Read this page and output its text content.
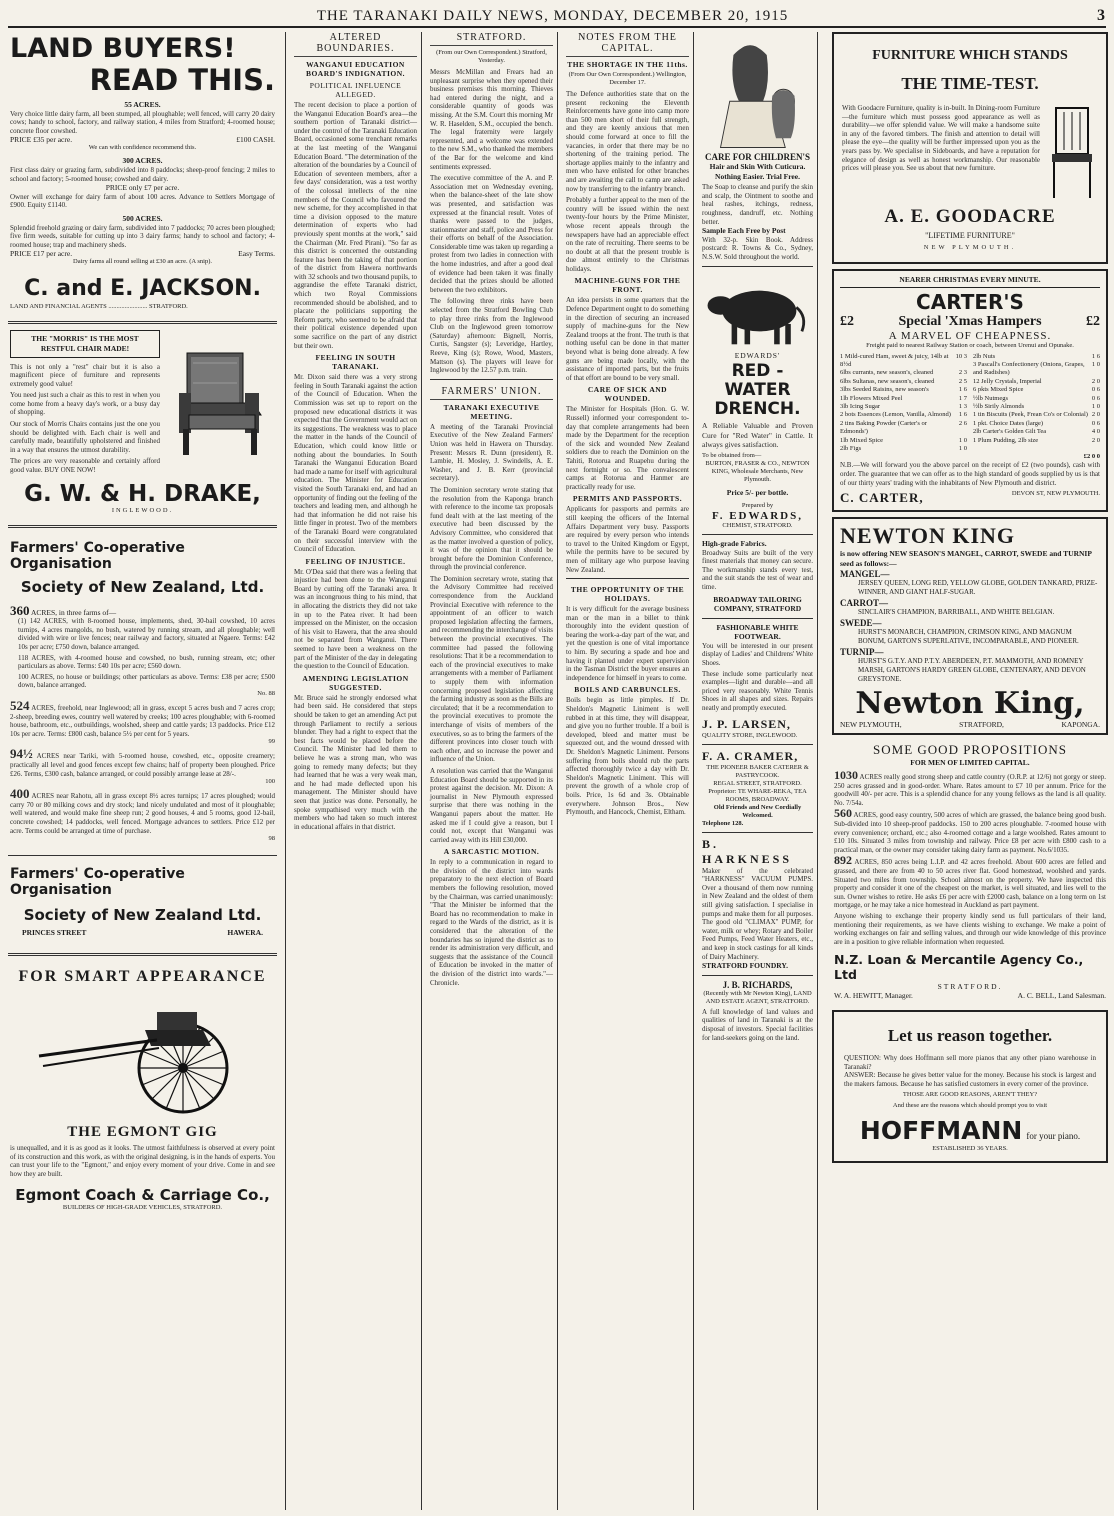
THE TARANAKI DAILY NEWS, MONDAY, DECEMBER 20, 1915	3
LAND BUYERS!
READ THIS.
55 ACRES.
Very choice little dairy farm, all been stumped, all ploughable; well fenced, will carry 20 dairy cows; handy to school, factory, and railway station, 4 miles from Stratford; 4-roomed house; concrete floor cowshed.
PRICE £35 per acre.	£100 CASH.
We can with confidence recommend this.
300 ACRES.
First class dairy or grazing farm, subdivided into 8 paddocks; sheep-proof fencing; 2 miles to school and factory; 5-roomed house; cowshed and dairy.
PRICE only £7 per acre.
Owner will exchange for dairy farm of about 100 acres. Advance to Settlers Mortgage of £900. Equity £1140.
500 ACRES.
Splendid freehold grazing or dairy farm, subdivided into 7 paddocks; 70 acres been ploughed; five firm weeds, suitable for cutting up into 3 dairy farms; handy to school and factory; 4-roomed house; trap and machinery sheds.
PRICE £17 per acre.	Easy Terms.
Dairy farms all round selling at £30 an acre. (A snip).
C. and E. JACKSON.
LAND AND FINANCIAL AGENTS ........................ STRATFORD.
THE "MORRIS" IS THE MOST
RESTFUL CHAIR MADE!
This is not only a "rest" chair but it is also a magnificent piece of furniture and represents extremely good value!
You need just such a chair as this to rest in when you come home from a heavy day's work, or a busy day of shopping.
Our stock of Morris Chairs contains just the one you should be delighted with. Each chair is well and carefully made, beautifully upholstered and finished in a way that ensures the utmost durability.
The prices are very reasonable and certainly afford good value. BUY ONE NOW!
G. W. & H. DRAKE,
INGLEWOOD.
Farmers' Co-operative Organisation
Society of New Zealand, Ltd.
360 ACRES, in three farms of—
(1) 142 ACRES, with 8-roomed house, implements, shed, 30-bail cowshed, 10 acres turnips, 4 acres mangolds, no bush, watered by running stream, and all ploughable; well divided with wire or live fences; near railway and factory, situated at Ngaere. Terms: £42 10s per acre; £750 down, balance arranged.
118 ACRES, with 4-roomed house and cowshed, no bush, running stream, etc; other particulars as above. Terms: £40 10s per acre; £560 down.
100 ACRES, no house or buildings; other particulars as above. Terms: £38 per acre; £500 down, balance arranged.
No. 88
524 ACRES, freehold, near Inglewood; all in grass, except 5 acres bush and 7 acres crop; 2-sheep, breeding ewes, country well watered by creeks; 100 acres ploughable; with 6-roomed house, bathroom, etc., outbuildings, woolshed, sheep and cattle yards; 13 paddocks. Price £12 10s per acre. Terms: £800 cash, balance 5½ per cent for 5 years.
99
94½ ACRES near Tariki, with 5-roomed house, cowshed, etc., opposite creamery; practically all level and good fences except few chains; half of property been ploughed. Price £26. Terms, £300 cash, balance arranged, or could possibly arrange lease at 28/-.
100
400 ACRES near Rahotu, all in grass except 8½ acres turnips; 17 acres ploughed; would carry 70 or 80 milking cows and dry stock; land nicely undulated and most of it ploughable; well watered, and would make fine sheep run; 2 good houses, 4 and 5 rooms, good 12-bail, concrete cowshed; 14 paddocks, well fenced. Mortgage advances to settlers. Price £12 per acre. Terms could be arranged at time of purchase.
98
Farmers' Co-operative Organisation
Society of New Zealand Ltd.
PRINCES STREET	HAWERA.
FOR SMART APPEARANCE
THE EGMONT GIG
is unequalled, and it is as good as it looks. The utmost faithfulness is observed at every point of its construction and this work, as with the original designing, is in the hands of experts. You can trust your life to the "Egmont," and enjoy every moment of your drive. Come in and see how they are built.
Egmont Coach & Carriage Co.,
BUILDERS OF HIGH-GRADE VEHICLES, STRATFORD.
ALTERED BOUNDARIES.
WANGANUI EDUCATION BOARD'S INDIGNATION.
POLITICAL INFLUENCE ALLEGED.
The recent decision to place a portion of the Wanganui Education Board's area—the southern portion of Taranaki district—under the control of the Taranaki Education Board, occasioned some trenchant remarks at the last meeting of the Wanganui Education Board. "The determination of the alteration of the boundaries by a Council of Education of seventeen members, after a few days' consideration, was a test worthy of the colossal intellects of the nine members of the Council who favoured the new scheme, for they accomplished in that time a division opposed to the mature determination of experts who had previously spent months at the work," said the Chairman (Mr. Fred Pirani). "So far as this district is concerned the outstanding feature has been the taking of that portion of the district from Hawera northwards with 32 schools and two thousand pupils, to aggrandise the effete Taranaki district, which two Royal Commissions recommended should be abolished, and to placate the politicians supporting the Reform party, who seemed to be afraid that their political existence depended upon some sacrifice on the part of any district but their own.
FEELING IN SOUTH TARANAKI.
Mr. Dixon said there was a very strong feeling in South Taranaki against the action of the Council of Education. When the Commission was set up to report on the proposed new educational districts it was expected that the Government would act on its suggestions. The weakness was to place the matter in the hands of the Council of Education, which could know little or nothing about the boundaries. In South Taranaki the Wanganui Education Board had made a name for itself with agricultural education. The Minister for Education visited the South Taranaki end, and had an opportunity of finding out the feeling of the teachers and leading men, and although he had that information he did not raise his little finger in protest. Two of the members of the Taranaki Board were congratulated on their successful interview with the Council of Education.
FEELING OF INJUSTICE.
Mr. O'Dea said that there was a feeling that injustice had been done to the Wanganui Board by cutting off the Taranaki area. It was an incongruous thing to his mind, that in allocating the districts they did not take in up to the Patea river. It had been impressed on the Minister, on the occasion of his visit to Hawera, that the area should not be separated from Wanganui. There seemed to have been a weakness on the part of the Minister of the day in delegating the question to the Council of Education.
AMENDING LEGISLATION SUGGESTED.
Mr. Bruce said he strongly endorsed what had been said. He considered that steps should be taken to get an amending Act put through Parliament to rectify a serious blunder. They had a right to expect that the best facts would be placed before the Council. The Minister had led them to believe he was a strong man, who was going to remedy many defects; but they had learned that he was a very weak man, and he had made deflected upon his management. The Minister should have seen that justice was done. Personally, he spoke sympathised very much with the members who had taken so much interest in educational affairs in that district.
STRATFORD.
(From our Own Correspondent.) Stratford, Yesterday.
Messrs McMillan and Frears had an unpleasant surprise when they opened their business premises this morning. Thieves had entered during the night, and a considerable quantity of goods was missing. At the S.M. Court this morning Mr W. R. Haselden, S.M., occupied the bench. The legal fraternity were largely represented, and a welcome was extended to the new S.M., who thanked the members of the Bar for the welcome and kind sentiments expressed.
The executive committee of the A. and P. Association met on Wednesday evening, when the balance-sheet of the late show was presented, and satisfaction was expressed at the financial result. Votes of thanks were passed to the judges, stationmaster and staff, police and Press for their efforts on behalf of the Association. Considerable time was taken up regarding a protest from two ladies in connection with the home industries, and after a good deal of evidence had been taken it was finally decided that the prizes should be allotted between the two exhibitors.
The following three rinks have been selected from the Stratford Bowling Club to play three rinks from the Inglewood Club on the Inglewood green tomorrow (Saturday) afternoon: Bignell, Norris, Curtis, Sangster (s); Leveridge, Hartley, Reeve, King (s); Rowe, Wood, Masters, Mattson (s). The players will leave for Inglewood by the 12.57 p.m. train.
FARMERS' UNION.
TARANAKI EXECUTIVE MEETING.
A meeting of the Taranaki Provincial Executive of the New Zealand Farmers' Union was held in Hawera on Thursday. Present: Messrs R. Dunn (president), R. Lambie, H. Mosley, J. Swindells, A. E. Washer, and J. B. Kerr (provincial secretary).
The Dominion secretary wrote stating that the resolution from the Kaponga branch with reference to the income tax proposals fund dealt with at the last meeting of the executive had been discussed by the Advisory Committee, who considered that as the matter involved a question of policy, it was of the opinion that it should be brought before the Dominion Conference, through the provincial conference.
The Dominion secretary wrote, stating that the Advisory Committee had received correspondence from the Auckland Provincial Executive with reference to the appointment of an officer to watch proposed legislation affecting the farmers, and recommending the interchange of visits between the provincial executives. The committee had passed the following resolutions: That it be a recommendation to each of the provincial executives to make arrangements with a member of Parliament to supply them with information concerning proposed legislation affecting the farming industry as soon as the Bills are circulated; that it be a recommendation to the provincial executives to promote the interchange of visits of members of the executives, so as to bring the farmers of the different provinces into closer touch with each other, and so increase the power and influence of the Union.
A resolution was carried that the Wanganui Education Board should be supported in its protest against the decision. Mr. Dixon: A journalist in New Plymouth expressed surprise that there was nothing in the Wanganui papers about the matter. He asked me if I could give a reason, but I could not, except that Wanganui was carried away with its Hill £30,000.
A SARCASTIC MOTION.
In reply to a communication in regard to the division of the district into wards preparatory to the next election of Board members the following resolution, moved by the Chairman, was carried unanimously: "That the Minister be informed that the Board has no recommendation to make in regard to the Wards of the district, as it is considered that the alteration of the boundaries has so injured the district as to render its administration very difficult, and suggests that the assistance of the Council of Education be invoked in the matter of the division of the district into wards."—Chronicle.
NOTES FROM THE CAPITAL.
THE SHORTAGE IN THE 11ths.
(From Our Own Correspondent.) Wellington, December 17.
The Defence authorities state that on the present reckoning the Eleventh Reinforcements have gone into camp more than 500 men short of their full strength, and they are keenly anxious that men should come forward at once to fill the vacancies, in order that there may be no shortening of the training period. The shortage applies mainly to the infantry and men who have enlisted for other branches and are awaiting the call to camp are asked now by transferring to the infantry branch.
Probably a further appeal to the men of the country will be issued within the next twenty-four hours by the Prime Minister, whose recent appeals through the newspapers have had an appreciable effect on the rate of recruiting. There seems to be no doubt at all that the present trouble is due almost entirely to the Christmas holidays.
MACHINE-GUNS FOR THE FRONT.
An idea persists in some quarters that the Defence Department ought to do something in the direction of securing an increased supply of machine-guns for the New Zealand troops at the front. The truth is that nothing useful can be done in that matter beyond what is being done already. A few guns are being made locally, with the assistance of imported parts, but the fruits of that effort are bound to be very small.
CARE OF SICK AND WOUNDED.
The Minister for Hospitals (Hon. G. W. Russell) informed your correspondent to-day that complete arrangements had been made by the Department for the reception of the sick and wounded New Zealand soldiers due to reach the Dominion on the Tahiti, Rotorua and Ruapehu during the next fortnight or so. The convalescent camps at Rotorua and Hanmer are practically ready for use.
PERMITS AND PASSPORTS.
Applicants for passports and permits are still keeping the officers of the Internal Affairs Department very busy. Passports are required by every person who intends to travel to the United Kingdom or Egypt, while the permits have to be secured by men of military age who purpose leaving New Zealand.
THE OPPORTUNITY OF THE HOLIDAYS.
It is very difficult for the average business man or the man in a billet to think thoroughly into the evident question of bearing the work-a-day part of the war, and yet the question is one of vital importance to him. By securing a spade and hoe and having it planted under expert supervision in the Tasman District the buyer ensures an independence for himself in years to come.
BOILS AND CARBUNCLES.
Boils begin as little pimples. If Dr. Sheldon's Magnetic Liniment is well rubbed in at this time, they will disappear, and give you no further trouble. If a boil is developed, bleed and matter must be squeezed out, and the wound dressed with Dr. Sheldon's Magnetic Liniment. Persons suffering from boils should rub the parts affected thoroughly twice a day with Dr. Sheldon's Magnetic Liniment. This will prevent the growth of a whole crop of boils. Price, 1s 6d and 3s. Obtainable everywhere. Johnson Bros., New Plymouth, and Hancock, Chemist, Eltham.
CARE FOR CHILDREN'S
Hair and Skin With Cuticura. Nothing Easier. Trial Free.
The Soap to cleanse and purify the skin and scalp, the Ointment to soothe and heal rashes, itchings, redness, roughness, dandruff, etc. Nothing better.
Sample Each Free by Post
With 32-p. Skin Book. Address postcard: R. Towns & Co., Sydney, N.S.W. Sold throughout the world.
EDWARDS'
RED - WATER DRENCH.
A Reliable Valuable and Proven Cure for "Red Water" in Cattle. It always gives satisfaction.
To be obtained from—
BURTON, FRASER & CO., NEWTON KING, Wholesale Merchants, New Plymouth.
Price 5/- per bottle.
Prepared by
F. EDWARDS,
CHEMIST, STRATFORD.
High-grade Fabrics.
Broadway Suits are built of the very finest materials that money can secure. The workmanship stands every test, and the suit stands the test of wear and time.
BROADWAY TAILORING COMPANY, STRATFORD
FASHIONABLE WHITE FOOTWEAR.
You will be interested in our present display of Ladies' and Childrens' White Shoes.
These include some particularly neat examples—light and durable—and all priced very reasonably. White Tennis Shoes in all shapes and sizes. Repairs neatly and promptly executed.
J. P. LARSEN,
QUALITY STORE, INGLEWOOD.
F. A. CRAMER,
THE PIONEER BAKER CATERER & PASTRYCOOK.
REGAL STREET, STRATFORD.
Proprietor: TE WHARE-REKA, TEA ROOMS, BROADWAY.
Old Friends and New Cordially Welcomed.
Telephone 128.
B. HARKNESS
Maker of the celebrated "HARKNESS" VACUUM PUMPS. Over a thousand of them now running in New Zealand and the oldest of them still giving satisfaction. I specialise in pumps and make them for all purposes. The good old "CLIMAX" PUMP, for water, milk or whey; Rotary and Boiler Feed Pumps, Feed Water Heaters, etc., and keep in stock castings for all kinds of Dairy Machinery.
STRATFORD FOUNDRY.
J. B. RICHARDS,
(Recently with Mr Newton King), LAND AND ESTATE AGENT, STRATFORD.
A full knowledge of land values and qualities of land in Taranaki is at the disposal of investors. Special facilities for land-seekers going on the land.
FURNITURE WHICH STANDS
THE TIME-TEST.
With Goodacre Furniture, quality is in-built. In Dining-room Furniture—the furniture which must possess good appearance as well as durability—we offer splendid value. We will make a handsome suite in any of the favored timbers. The finish and attention to detail will please the eye—the quality will be further impressed upon you as the years pass by. We specialise in Sideboards, and have a reputation for elegance of design as well as honest workmanship. Our reasonable prices will please you. See us about that new furniture.
A. E. GOODACRE
"LIFETIME FURNITURE"
NEW PLYMOUTH.
NEARER CHRISTMAS EVERY MINUTE.
CARTER'S
£2	Special 'Xmas Hampers	£2
A MARVEL OF CHEAPNESS.
Freight paid to nearest Railway Station or coach, between Urenui and Opunake.
1 Mild-cured Ham, sweet & juicy, 14lb at 8½d
10 3
6lbs currants, new season's, cleaned	2 3
6lbs Sultanas, new season's, cleaned	2 5
3lbs Seeded Raisins, new season's	1 6
1lb Flowers Mixed Peel	1 7
3lb Icing Sugar	1 3
2 bots Essences (Lemon, Vanilla, Almond)	1 6
2 tins Baking Powder (Carter's or Edmonds')
2 6
1lb Mixed Spice	1 0
2lb Figs	1 0
2lb Nuts	1 6
3 Pascall's Confectionery (Onions, Grapes, and Radishes)
1 0
12 Jelly Crystals, Imperial	2 0
6 pkts Mixed Spice	0 6
½lb Nutmegs	0 6
½lb Sirily Almonds	1 0
1 tin Biscuits (Peek, Frean Co's or Colonial) 2 0
1 pkt. Choice Dates (large)	0 6
2lb Carter's Golden Gilt Tea	4 0
1 Plum Pudding, 2lb size	2 0
£2 0 0
N.B.—We will forward you the above parcel on the receipt of £2 (two pounds), cash with order. The guarantee that we can offer as to the high standard of goods supplied by us is that of our thirty years' trading with the inhabitants of New Plymouth and district.
C. CARTER,	DEVON ST, NEW PLYMOUTH.
NEWTON KING
is now offering NEW SEASON'S MANGEL, CARROT, SWEDE and TURNIP seed as follows:—
MANGEL—
JERSEY QUEEN, LONG RED, YELLOW GLOBE, GOLDEN TANKARD, PRIZE-WINNER, AND GIANT HALF-SUGAR.
CARROT—
SINCLAIR'S CHAMPION, BARRIBALL, AND WHITE BELGIAN.
SWEDE—
HURST'S MONARCH, CHAMPION, CRIMSON KING, AND MAGNUM BONUM, GARTON'S SUPERLATIVE, INCOMPARABLE, AND PIONEER.
TURNIP—
HURST'S G.T.Y. AND P.T.Y. ABERDEEN, P.T. MAMMOTH, AND ROMNEY MARSH, GARTON'S HARDY GREEN GLOBE, CENTENARY, AND DEVON GREYSTONE.
Newton King,
NEW PLYMOUTH,	STRATFORD,	KAPONGA.
SOME GOOD PROPOSITIONS
FOR MEN OF LIMITED CAPITAL.
1030 ACRES really good strong sheep and cattle country (O.R.P. at 12/6) not gorgy or steep. 250 acres grassed and in good-order. Whare. Rates amount to £7 10 per annum. Price for the goodwill 40/- per acre. This is a splendid chance for any young fellows as the land is all quality. No. 7/54a.
560 ACRES, good easy country, 500 acres of which are grassed, the balance being good bush. Sub-divided into 10 sheep-proof paddocks. 150 to 200 acres ploughable. 7-roomed house with every convenience; orchard, etc.; also 4-roomed cottage and a large woolshed. Rates amount to £10 10s. Situated 3 miles from township and railway. Price £8 per acre with £800 cash to a practical man, or the owner may consider taking dairy farm as payment. No.6/1035.
892 ACRES, 850 acres being L.I.P. and 42 acres freehold. About 600 acres are felled and grassed, and there are from 40 to 50 acres river flat. Good homestead, woolshed and yards. Situated two miles from township. School almost on the property. We have inspected this property and consider it one of the cheapest on the market, is well situated, and lies well to the sun. Owner wishes to retire. He asks £6 per acre with £2000 cash, balance on a long term on 1st mortgage, or he may take a nice homestead in Auckland as part payment.
Anyone wishing to exchange their property kindly send us full particulars of their land, mentioning their requirements, as we have clients wishing to exchange. We make a point of working exchanges on fair and selling values, and through our wide knowledge of this province are in a position to give reliable information when requested.
N.Z. Loan & Mercantile Agency Co., Ltd
STRATFORD.
W. A. HEWITT, Manager.	A. C. BELL, Land Salesman.
Let us reason together.
QUESTION: Why does Hoffmann sell more pianos that any other piano warehouse in Taranaki?
ANSWER: Because he gives better value for the money. Because his stock is largest and the makers famous. Because he has satisfied customers in every corner of the province.
THOSE ARE GOOD REASONS, AREN'T THEY?
And these are the reasons which should prompt you to visit
HOFFMANN for your piano.
ESTABLISHED 36 YEARS.
